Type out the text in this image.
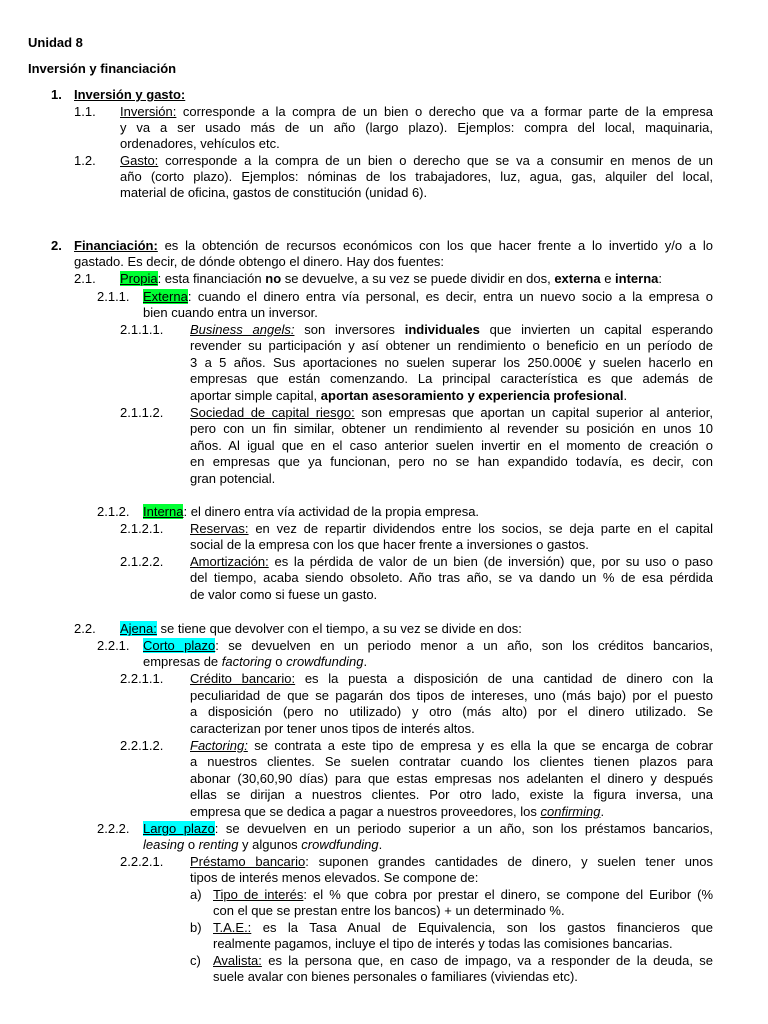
Unidad 8
Inversión y financiación
1. Inversión y gasto:
1.1. Inversión: corresponde a la compra de un bien o derecho que va a formar parte de la empresa
y va a ser usado más de un año (largo plazo). Ejemplos: compra del local, maquinaria,
ordenadores, vehículos etc.
1.2. Gasto: corresponde a la compra de un bien o derecho que se va a consumir en menos de un
año (corto plazo). Ejemplos: nóminas de los trabajadores, luz, agua, gas, alquiler del local,
material de oficina, gastos de constitución (unidad 6).
2. Financiación: es la obtención de recursos económicos con los que hacer frente a lo invertido y/o a lo
gastado. Es decir, de dónde obtengo el dinero. Hay dos fuentes:
2.1. Propia: esta financiación no se devuelve, a su vez se puede dividir en dos, externa e interna:
2.1.1. Externa: cuando el dinero entra vía personal, es decir, entra un nuevo socio a la empresa o
bien cuando entra un inversor.
2.1.1.1. Business angels: son inversores individuales que invierten un capital esperando
revender su participación y así obtener un rendimiento o beneficio en un período de
3 a 5 años. Sus aportaciones no suelen superar los 250.000€ y suelen hacerlo en
empresas que están comenzando. La principal característica es que además de
aportar simple capital, aportan asesoramiento y experiencia profesional.
2.1.1.2. Sociedad de capital riesgo: son empresas que aportan un capital superior al anterior,
pero con un fin similar, obtener un rendimiento al revender su posición en unos 10
años. Al igual que en el caso anterior suelen invertir en el momento de creación o
en empresas que ya funcionan, pero no se han expandido todavía, es decir, con
gran potencial.
2.1.2. Interna: el dinero entra vía actividad de la propia empresa.
2.1.2.1. Reservas: en vez de repartir dividendos entre los socios, se deja parte en el capital
social de la empresa con los que hacer frente a inversiones o gastos.
2.1.2.2. Amortización: es la pérdida de valor de un bien (de inversión) que, por su uso o paso
del tiempo, acaba siendo obsoleto. Año tras año, se va dando un % de esa pérdida
de valor como si fuese un gasto.
2.2. Ajena: se tiene que devolver con el tiempo, a su vez se divide en dos:
2.2.1. Corto plazo: se devuelven en un periodo menor a un año, son los créditos bancarios,
empresas de factoring o crowdfunding.
2.2.1.1. Crédito bancario: es la puesta a disposición de una cantidad de dinero con la
peculiaridad de que se pagarán dos tipos de intereses, uno (más bajo) por el puesto
a disposición (pero no utilizado) y otro (más alto) por el dinero utilizado. Se
caracterizan por tener unos tipos de interés altos.
2.2.1.2. Factoring: se contrata a este tipo de empresa y es ella la que se encarga de cobrar
a nuestros clientes. Se suelen contratar cuando los clientes tienen plazos para
abonar (30,60,90 días) para que estas empresas nos adelanten el dinero y después
ellas se dirijan a nuestros clientes. Por otro lado, existe la figura inversa, una
empresa que se dedica a pagar a nuestros proveedores, los confirming.
2.2.2. Largo plazo: se devuelven en un periodo superior a un año, son los préstamos bancarios,
leasing o renting y algunos crowdfunding.
2.2.2.1. Préstamo bancario: suponen grandes cantidades de dinero, y suelen tener unos
tipos de interés menos elevados. Se compone de:
a) Tipo de interés: el % que cobra por prestar el dinero, se compone del Euribor (%
con el que se prestan entre los bancos) + un determinado %.
b) T.A.E.: es la Tasa Anual de Equivalencia, son los gastos financieros que
realmente pagamos, incluye el tipo de interés y todas las comisiones bancarias.
c) Avalista: es la persona que, en caso de impago, va a responder de la deuda, se
suele avalar con bienes personales o familiares (viviendas etc).
